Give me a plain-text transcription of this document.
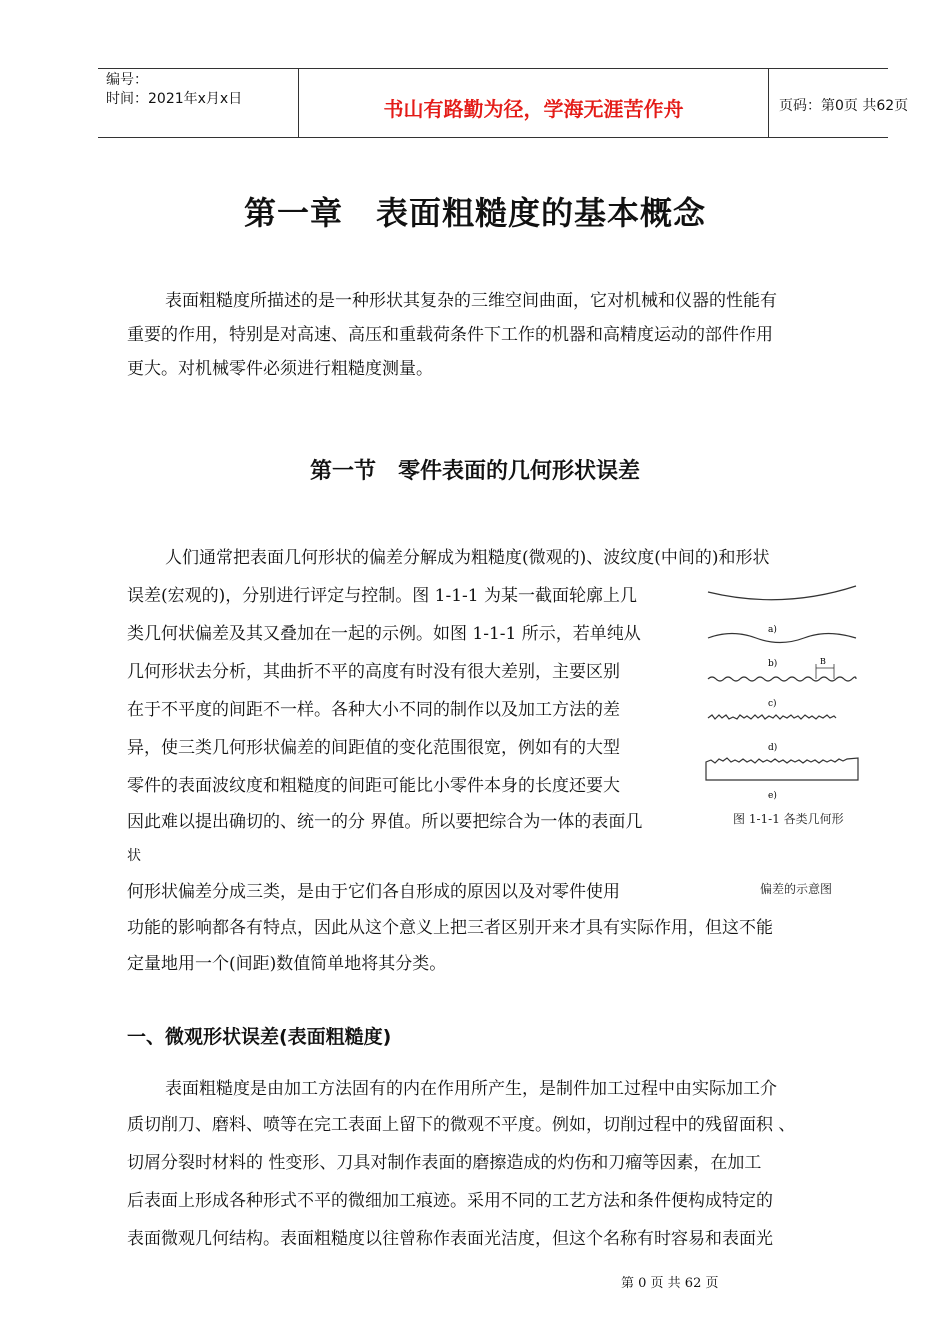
编号：
时间：2021年x月x日	书山有路勤为径，学海无涯苦作舟	页码：第0页 共62页
第一章　表面粗糙度的基本概念
表面粗糙度所描述的是一种形状其复杂的三维空间曲面，它对机械和仪器的性能有
重要的作用，特别是对高速、高压和重载荷条件下工作的机器和高精度运动的部件作用
更大。对机械零件必须进行粗糙度测量。
第一节　零件表面的几何形状误差
人们通常把表面几何形状的偏差分解成为粗糙度(微观的)、波纹度(中间的)和形状
误差(宏观的)，分别进行评定与控制。图 1-1-1 为某一截面轮廓上几
类几何状偏差及其又叠加在一起的示例。如图 1-1-1 所示，若单纯从
几何形状去分析，其曲折不平的高度有时没有很大差别，主要区别
在于不平度的间距不一样。各种大小不同的制作以及加工方法的差
异，使三类几何形状偏差的间距值的变化范围很宽，例如有的大型
零件的表面波纹度和粗糙度的间距可能比小零件本身的长度还要大
因此难以提出确切的、统一的分 界值。所以要把综合为一体的表面几
状
何形状偏差分成三类，是由于它们各自形成的原因以及对零件使用
功能的影响都各有特点，因此从这个意义上把三者区别开来才具有实际作用，但这不能
定量地用一个(间距)数值简单地将其分类。
a)
b)	B
c)
d)
e)
图 1-1-1 各类几何形
偏差的示意图
一、微观形状误差(表面粗糙度)
表面粗糙度是由加工方法固有的内在作用所产生，是制件加工过程中由实际加工介
质切削刀、磨料、喷等在完工表面上留下的微观不平度。例如，切削过程中的残留面积 、
切屑分裂时材料的 性变形、刀具对制作表面的磨擦造成的灼伤和刀瘤等因素，在加工
后表面上形成各种形式不平的微细加工痕迹。采用不同的工艺方法和条件便构成特定的
表面微观几何结构。表面粗糙度以往曾称作表面光洁度，但这个名称有时容易和表面光
第 0 页 共 62 页
